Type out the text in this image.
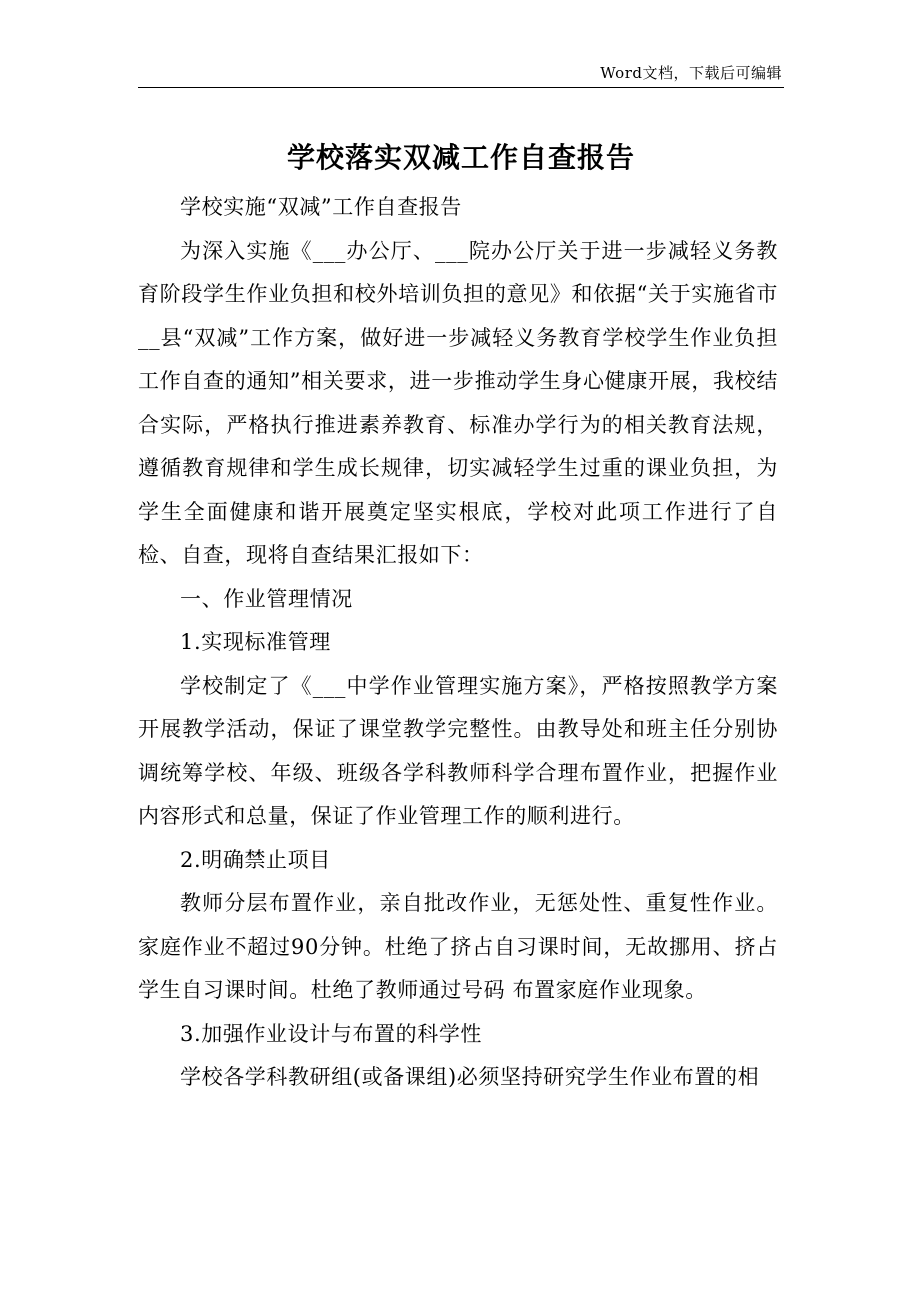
Word文档，下载后可编辑
学校落实双减工作自查报告

学校实施“双减”工作自查报告

为深入实施《___办公厅、___院办公厅关于进一步减轻义务教育阶段学生作业负担和校外培训负担的意见》和依据“关于实施省市__县“双减”工作方案，做好进一步减轻义务教育学校学生作业负担工作自查的通知”相关要求，进一步推动学生身心健康开展，我校结合实际，严格执行推进素养教育、标准办学行为的相关教育法规，遵循教育规律和学生成长规律，切实减轻学生过重的课业负担，为学生全面健康和谐开展奠定坚实根底，学校对此项工作进行了自检、自查，现将自查结果汇报如下：

一、作业管理情况

1.实现标准管理

学校制定了《___中学作业管理实施方案》，严格按照教学方案开展教学活动，保证了课堂教学完整性。由教导处和班主任分别协调统筹学校、年级、班级各学科教师科学合理布置作业，把握作业内容形式和总量，保证了作业管理工作的顺利进行。

2.明确禁止项目

教师分层布置作业，亲自批改作业，无惩处性、重复性作业。家庭作业不超过90分钟。杜绝了挤占自习课时间，无故挪用、挤占学生自习课时间。杜绝了教师通过号码 布置家庭作业现象。

3.加强作业设计与布置的科学性

学校各学科教研组(或备课组)必须坚持研究学生作业布置的相
